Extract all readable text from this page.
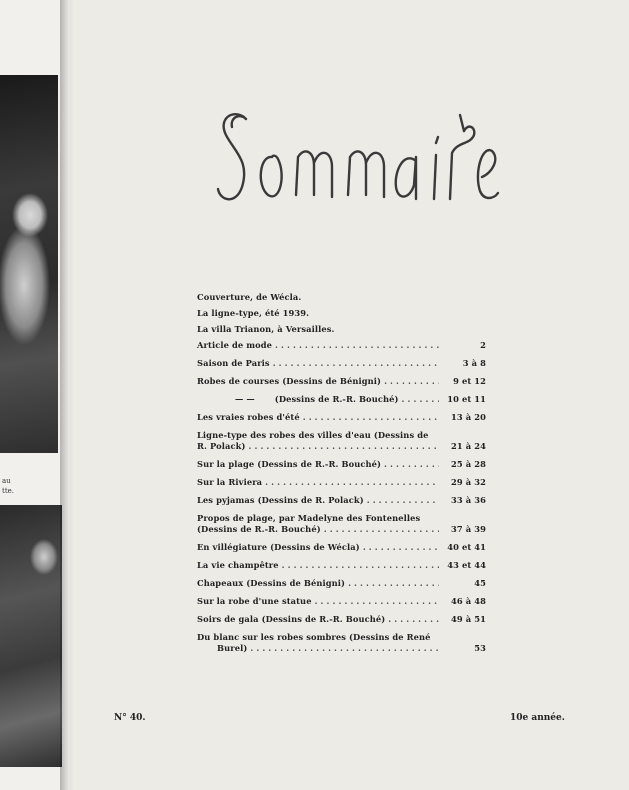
au
tte.
Couverture, de Wécla.
La ligne-type, été 1939.
La villa Trianon, à Versailles.
Article de mode . . .	2
Saison de Paris . . .	3 à 8
Robes de courses (Dessins de Bénigni) . . .	9 et 12
— — (Dessins de R.-R. Bouché) . . .	10 et 11
Les vraies robes d'été . . .	13 à 20
Ligne-type des robes des villes d'eau (Dessins de
R. Polack) . . .	21 à 24
Sur la plage (Dessins de R.-R. Bouché) . . .	25 à 28
Sur la Riviera . . .	29 à 32
Les pyjamas (Dessins de R. Polack) . . .	33 à 36
Propos de plage, par Madelyne des Fontenelles
(Dessins de R.-R. Bouché) . . .	37 à 39
En villégiature (Dessins de Wécla) . . .	40 et 41
La vie champêtre . . .	43 et 44
Chapeaux (Dessins de Bénigni) . . .	45
Sur la robe d'une statue . . .	46 à 48
Soirs de gala (Dessins de R.-R. Bouché) . . .	49 à 51
Du blanc sur les robes sombres (Dessins de René
Burel) . . .	53
N° 40.	10e année.
